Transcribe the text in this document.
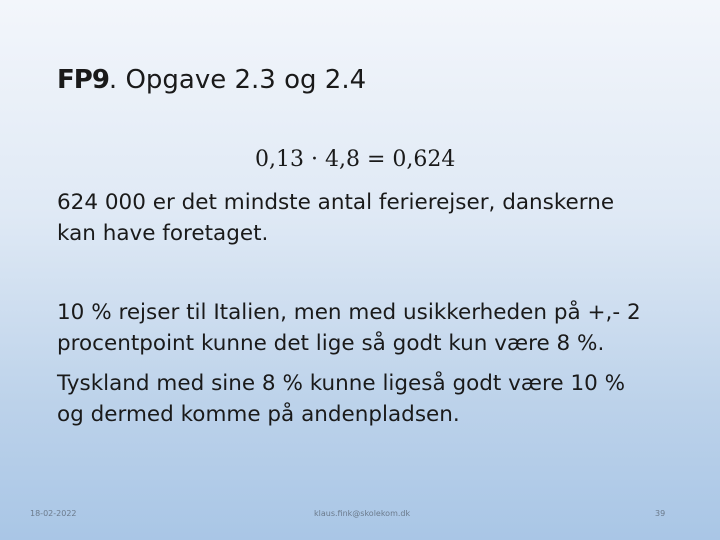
FP9. Opgave 2.3 og 2.4
0,13 · 4,8 = 0,624
624 000 er det mindste antal ferierejser, danskerne kan have foretaget.
10 % rejser til Italien, men med usikkerheden på +,- 2 procentpoint kunne det lige så godt kun være 8 %.
Tyskland med sine 8 % kunne ligeså godt være 10 % og dermed komme på andenpladsen.
18-02-2022	klaus.fink@skolekom.dk	39
